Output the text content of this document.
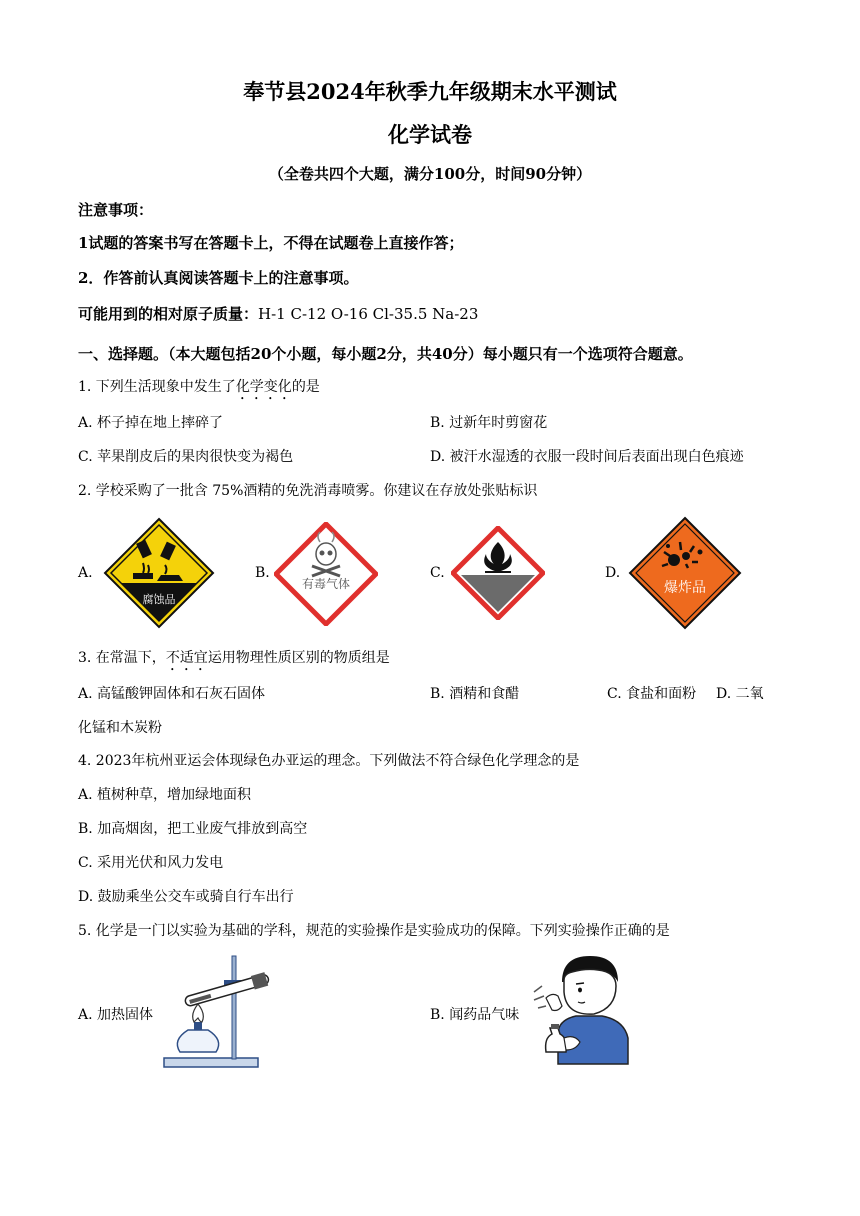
奉节县2024年秋季九年级期末水平测试
化学试卷
（全卷共四个大题，满分100分，时间90分钟）
注意事项：
1试题的答案书写在答题卡上，不得在试题卷上直接作答；
2．作答前认真阅读答题卡上的注意事项。
可能用到的相对原子质量：H-1 C-12 O-16 Cl-35.5 Na-23
一、选择题。（本大题包括20个小题，每小题2分，共40分）每小题只有一个选项符合题意。
1. 下列生活现象中发生了化学变化的是
A. 杯子掉在地上摔碎了	B. 过新年时剪窗花
C. 苹果削皮后的果肉很快变为褐色	D. 被汗水湿透的衣服一段时间后表面出现白色痕迹
2. 学校采购了一批含 75%酒精的免洗消毒喷雾。你建议在存放处张贴标识
A.
腐蚀品
B.
有毒气体
C.	D.
爆炸品
3. 在常温下，不适宜运用物理性质区别的物质组是
A. 高锰酸钾固体和石灰石固体	B. 酒精和食醋	C. 食盐和面粉 D. 二氧
化锰和木炭粉
4. 2023年杭州亚运会体现绿色办亚运的理念。下列做法不符合绿色化学理念的是
A. 植树种草，增加绿地面积
B. 加高烟囱，把工业废气排放到高空
C. 采用光伏和风力发电
D. 鼓励乘坐公交车或骑自行车出行
5. 化学是一门以实验为基础的学科，规范的实验操作是实验成功的保障。下列实验操作正确的是
A. 加热固体	B. 闻药品气味
